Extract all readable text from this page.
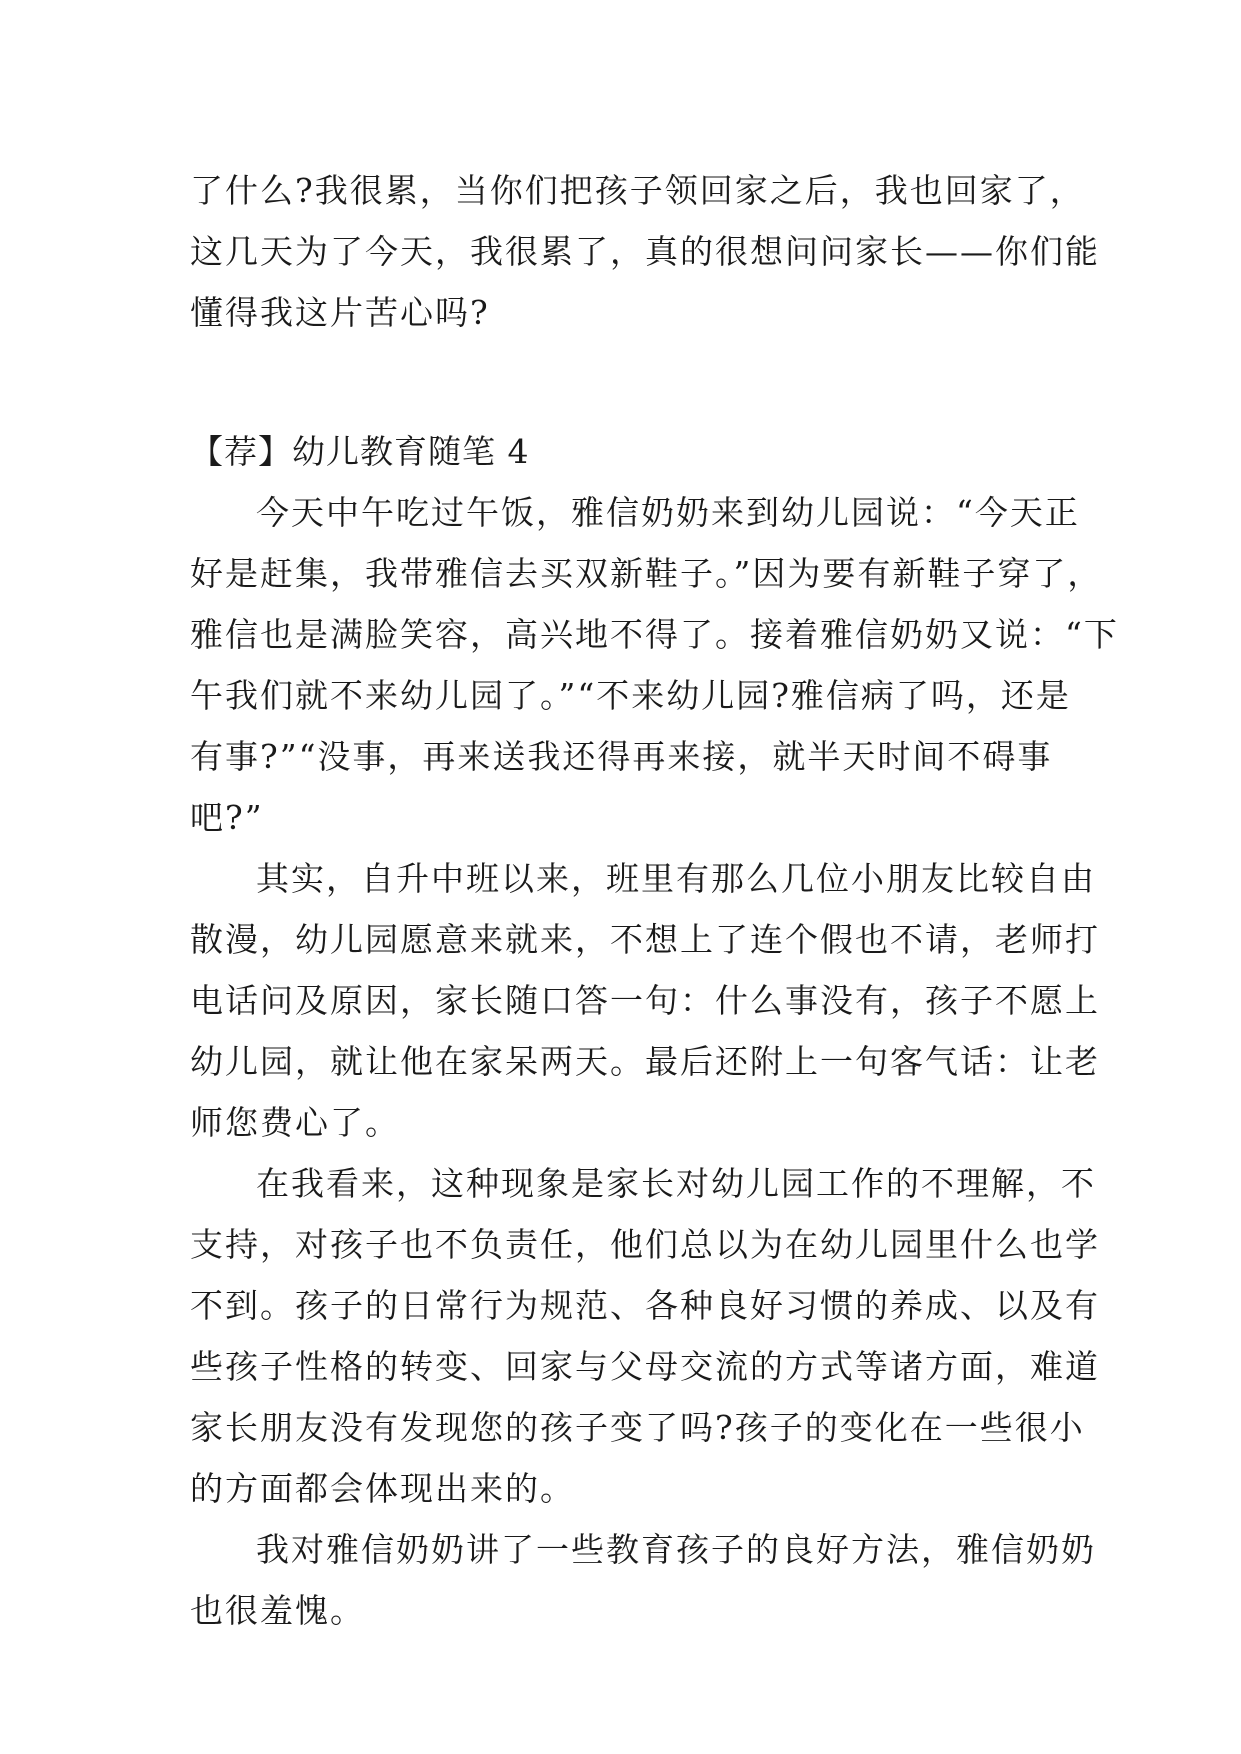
了什么?我很累，当你们把孩子领回家之后，我也回家了，
这几天为了今天，我很累了，真的很想问问家长——你们能
懂得我这片苦心吗?
【荐】幼儿教育随笔 4
今天中午吃过午饭，雅信奶奶来到幼儿园说：“今天正
好是赶集，我带雅信去买双新鞋子。”因为要有新鞋子穿了，
雅信也是满脸笑容，高兴地不得了。接着雅信奶奶又说：“下
午我们就不来幼儿园了。”“不来幼儿园?雅信病了吗，还是
有事?”“没事，再来送我还得再来接，就半天时间不碍事
吧?”
其实，自升中班以来，班里有那么几位小朋友比较自由
散漫，幼儿园愿意来就来，不想上了连个假也不请，老师打
电话问及原因，家长随口答一句：什么事没有，孩子不愿上
幼儿园，就让他在家呆两天。最后还附上一句客气话：让老
师您费心了。
在我看来，这种现象是家长对幼儿园工作的不理解，不
支持，对孩子也不负责任，他们总以为在幼儿园里什么也学
不到。孩子的日常行为规范、各种良好习惯的养成、以及有
些孩子性格的转变、回家与父母交流的方式等诸方面，难道
家长朋友没有发现您的孩子变了吗?孩子的变化在一些很小
的方面都会体现出来的。
我对雅信奶奶讲了一些教育孩子的良好方法，雅信奶奶
也很羞愧。
